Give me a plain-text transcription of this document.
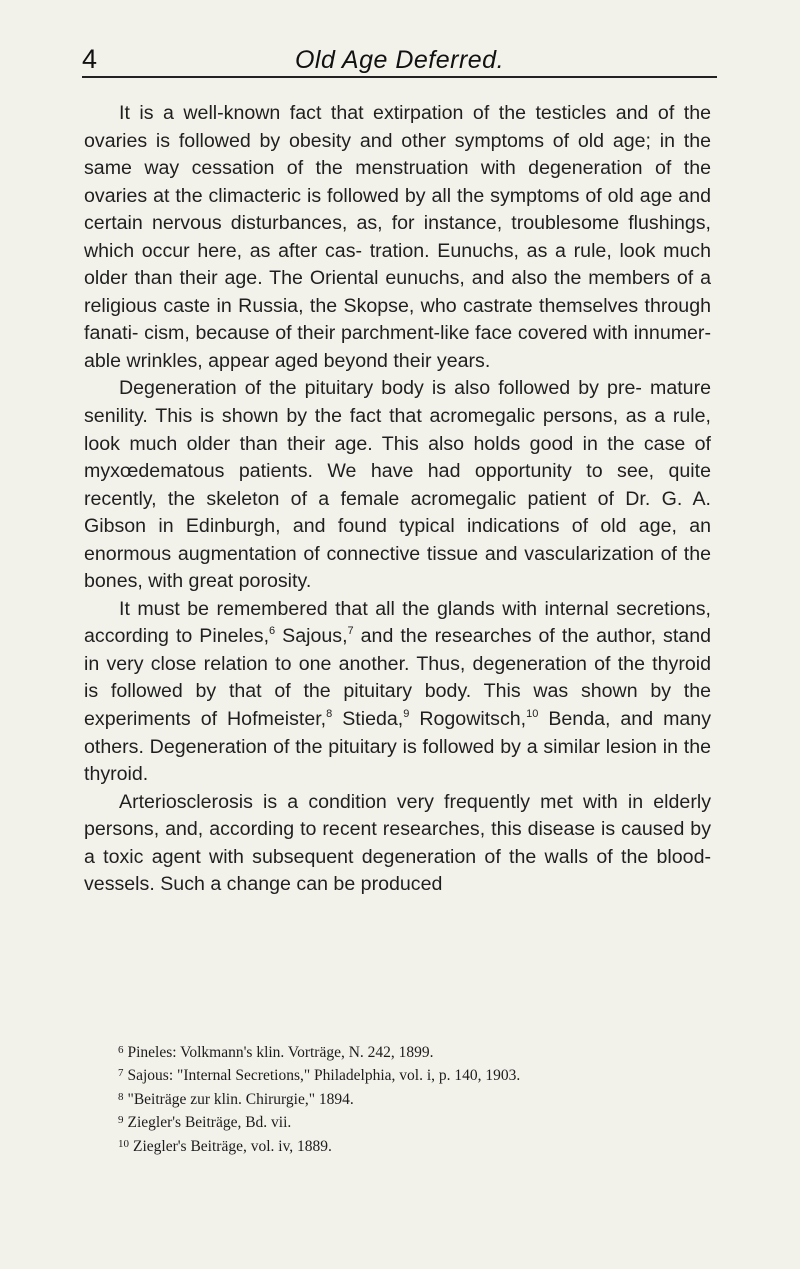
4	Old Age Deferred.

It is a well-known fact that extirpation of the testicles and of the ovaries is followed by obesity and other symptoms of old age; in the same way cessation of the menstruation with degeneration of the ovaries at the climacteric is followed by all the symptoms of old age and certain nervous disturbances, as, for instance, troublesome flushings, which occur here, as after cas- tration. Eunuchs, as a rule, look much older than their age. The Oriental eunuchs, and also the members of a religious caste in Russia, the Skopse, who castrate themselves through fanati- cism, because of their parchment-like face covered with innumer- able wrinkles, appear aged beyond their years.

Degeneration of the pituitary body is also followed by pre- mature senility. This is shown by the fact that acromegalic persons, as a rule, look much older than their age. This also holds good in the case of myxœdematous patients. We have had opportunity to see, quite recently, the skeleton of a female acromegalic patient of Dr. G. A. Gibson in Edinburgh, and found typical indications of old age, an enormous augmentation of connective tissue and vascularization of the bones, with great porosity.

It must be remembered that all the glands with internal secretions, according to Pineles,$^6$ Sajous,$^7$ and the researches of the author, stand in very close relation to one another. Thus, degeneration of the thyroid is followed by that of the pituitary body. This was shown by the experiments of Hofmeister,$^8$ Stieda,$^9$ Rogowitsch,$^{10}$ Benda, and many others. Degeneration of the pituitary is followed by a similar lesion in the thyroid.

Arteriosclerosis is a condition very frequently met with in elderly persons, and, according to recent researches, this disease is caused by a toxic agent with subsequent degeneration of the walls of the blood-vessels. Such a change can be produced

$^6$ Pineles: Volkmann's klin. Vorträge, N. 242, 1899.
$^7$ Sajous: "Internal Secretions," Philadelphia, vol. i, p. 140, 1903.
$^8$ "Beiträge zur klin. Chirurgie," 1894.
$^9$ Ziegler's Beiträge, Bd. vii.
$^{10}$ Ziegler's Beiträge, vol. iv, 1889.
